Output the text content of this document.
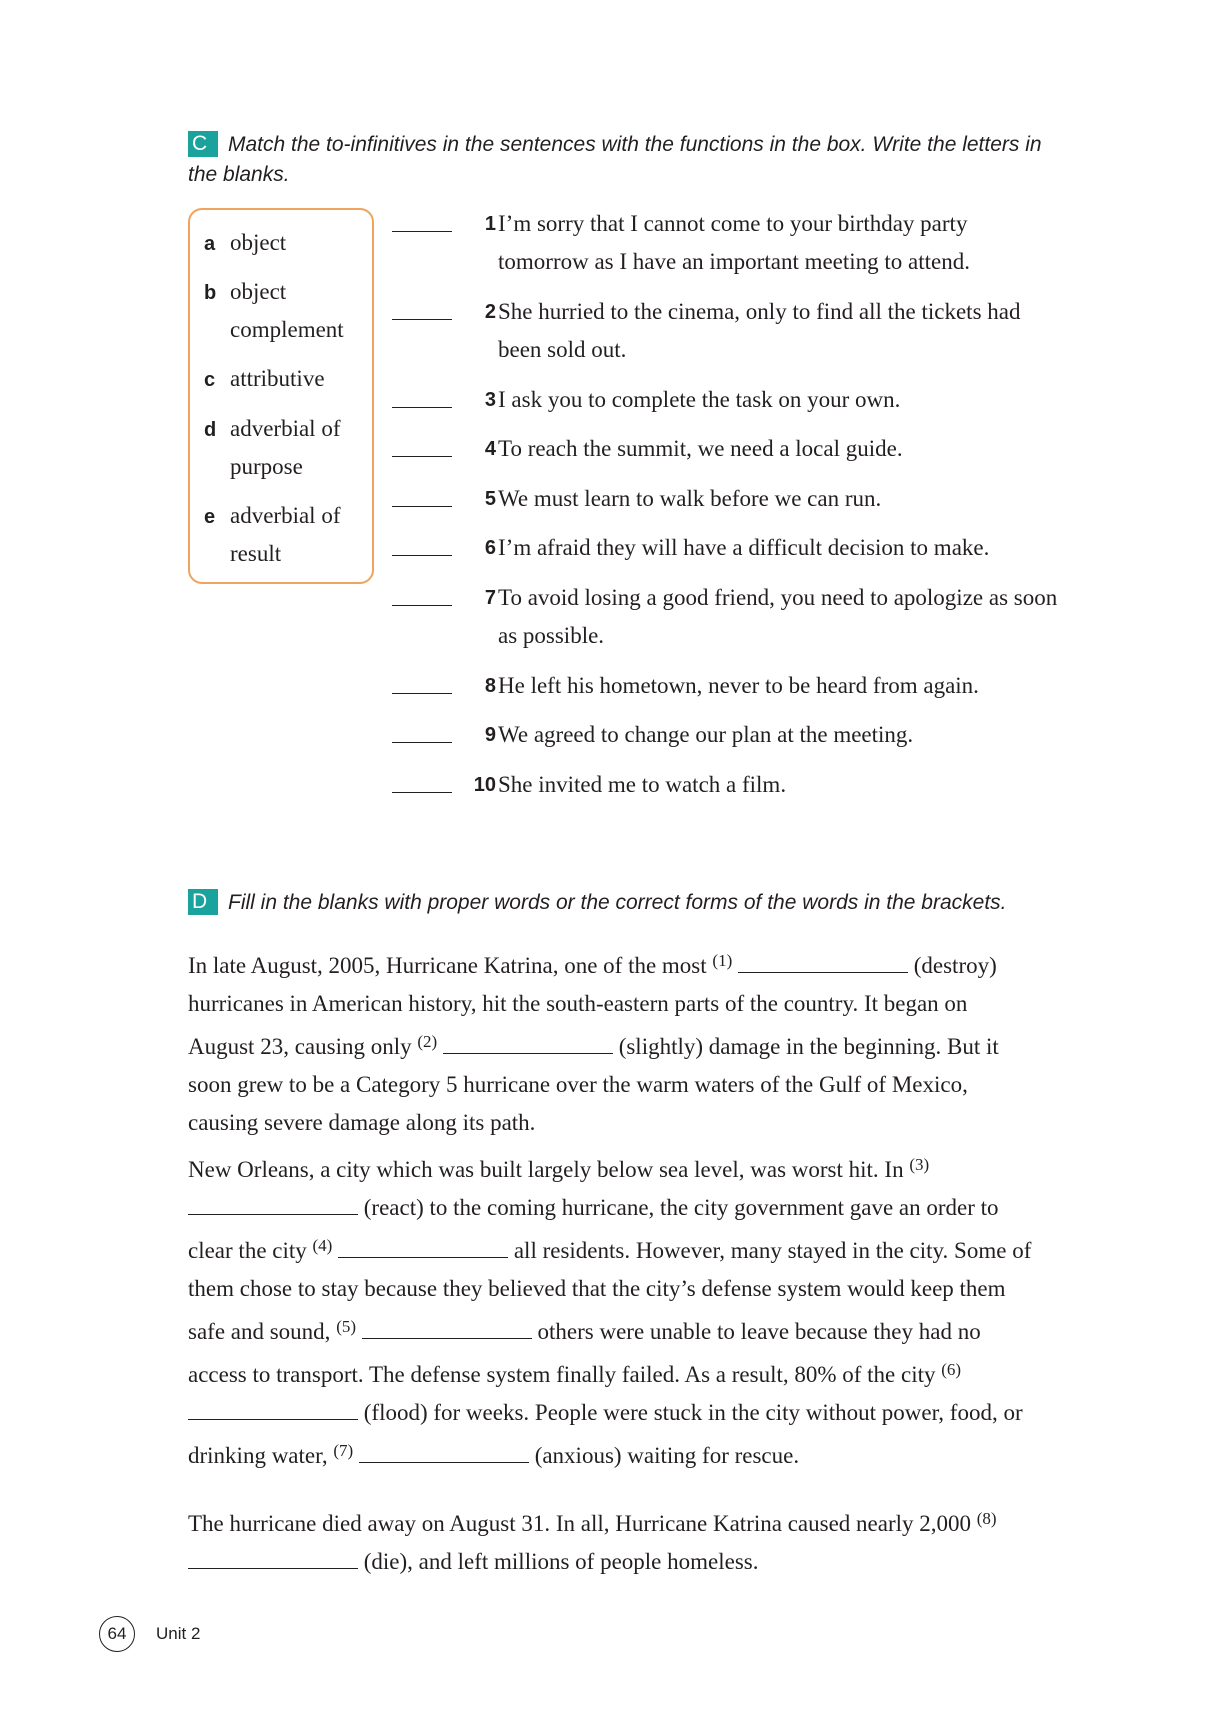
C Match the to-infinitives in the sentences with the functions in the box. Write the letters in the blanks.
a object
b object complement
c attributive
d adverbial of purpose
e adverbial of result
1 I’m sorry that I cannot come to your birthday party tomorrow as I have an important meeting to attend.
2 She hurried to the cinema, only to find all the tickets had been sold out.
3 I ask you to complete the task on your own.
4 To reach the summit, we need a local guide.
5 We must learn to walk before we can run.
6 I’m afraid they will have a difficult decision to make.
7 To avoid losing a good friend, you need to apologize as soon as possible.
8 He left his hometown, never to be heard from again.
9 We agreed to change our plan at the meeting.
10 She invited me to watch a film.
D Fill in the blanks with proper words or the correct forms of the words in the brackets.
In late August, 2005, Hurricane Katrina, one of the most $^{(1)}$	(destroy) hurricanes in American history, hit the south-eastern parts of the country. It began on August 23, causing only $^{(2)}$	(slightly) damage in the beginning. But it soon grew to be a Category 5 hurricane over the warm waters of the Gulf of Mexico, causing severe damage along its path.
New Orleans, a city which was built largely below sea level, was worst hit. In $^{(3)}$  (react) to the coming hurricane, the city government gave an order to clear the city $^{(4)}$	all residents. However, many stayed in the city. Some of them chose to stay because they believed that the city’s defense system would keep them safe and sound, $^{(5)}$	others were unable to leave because they had no access to transport. The defense system finally failed. As a result, 80% of the city $^{(6)}$  (flood) for weeks. People were stuck in the city without power, food, or drinking water, $^{(7)}$	(anxious) waiting for rescue.
The hurricane died away on August 31. In all, Hurricane Katrina caused nearly 2,000 $^{(8)}$  (die), and left millions of people homeless.
64	Unit 2
